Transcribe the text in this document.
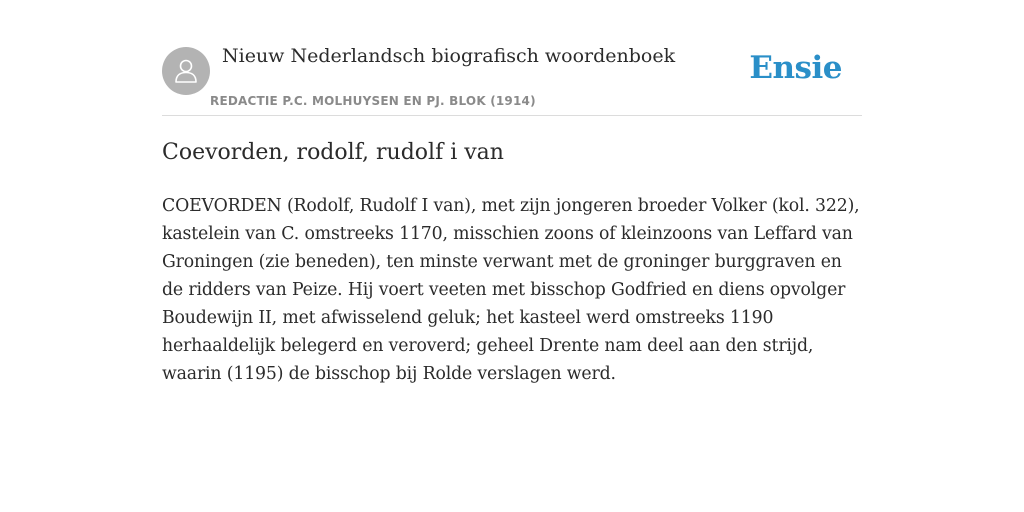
Nieuw Nederlandsch biografisch woordenboek
REDACTIE P.C. MOLHUYSEN EN PJ. BLOK (1914)
Ensie
Coevorden, rodolf, rudolf i van

COEVORDEN (Rodolf, Rudolf I van), met zijn jongeren broeder Volker (kol. 322), kastelein van C. omstreeks 1170, misschien zoons of kleinzoons van Leffard van Groningen (zie beneden), ten minste verwant met de groninger burggraven en de ridders van Peize. Hij voert veeten met bisschop Godfried en diens opvolger Boudewijn II, met afwisselend geluk; het kasteel werd omstreeks 1190 herhaaldelijk belegerd en veroverd; geheel Drente nam deel aan den strijd, waarin (1195) de bisschop bij Rolde verslagen werd.
